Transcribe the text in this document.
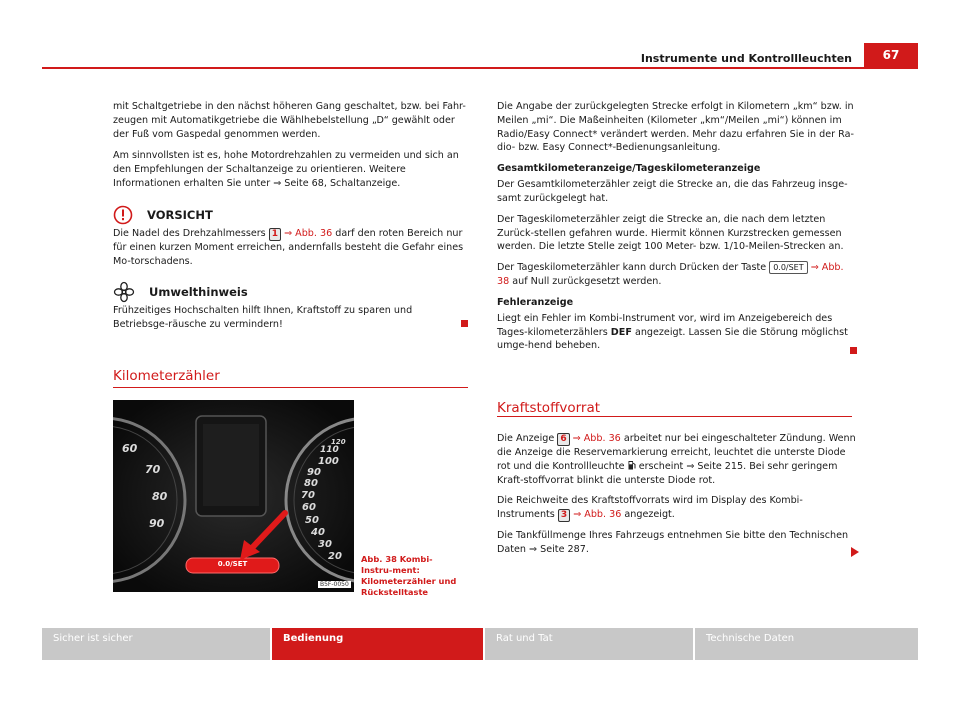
Instrumente und Kontrollleuchten	67

mit Schaltgetriebe in den nächst höheren Gang geschaltet, bzw. bei Fahr-zeugen mit Automatikgetriebe die Wählhebelstellung „D“ gewählt oder der Fuß vom Gaspedal genommen werden.

Am sinnvollsten ist es, hohe Motordrehzahlen zu vermeiden und sich an den Empfehlungen der Schaltanzeige zu orientieren. Weitere Informationen erhalten Sie unter ⇒ Seite 68, Schaltanzeige.

VORSICHT

Die Nadel des Drehzahlmessers 1 ⇒ Abb. 36 darf den roten Bereich nur für einen kurzen Moment erreichen, andernfalls besteht die Gefahr eines Mo-torschadens.

Umwelthinweis

Frühzeitiges Hochschalten hilft Ihnen, Kraftstoff zu sparen und Betriebsge-räusche zu vermindern!

Kilometerzähler
60
70
80
90
120
110
100
90
80
70
60
50
40
30
20
0.0/SET
B5F-0050
Abb. 38 Kombi-Instru-ment: Kilometerzähler und Rückstelltaste

Die Angabe der zurückgelegten Strecke erfolgt in Kilometern „km“ bzw. in Meilen „mi“. Die Maßeinheiten (Kilometer „km“/Meilen „mi“) können im Radio/Easy Connect* verändert werden. Mehr dazu erfahren Sie in der Ra-dio- bzw. Easy Connect*-Bedienungsanleitung.

Gesamtkilometeranzeige/Tageskilometeranzeige

Der Gesamtkilometerzähler zeigt die Strecke an, die das Fahrzeug insge-samt zurückgelegt hat.

Der Tageskilometerzähler zeigt die Strecke an, die nach dem letzten Zurück-stellen gefahren wurde. Hiermit können Kurzstrecken gemessen werden. Die letzte Stelle zeigt 100 Meter- bzw. 1/10-Meilen-Strecken an.

Der Tageskilometerzähler kann durch Drücken der Taste 0.0/SET ⇒ Abb. 38 auf Null zurückgesetzt werden.

Fehleranzeige

Liegt ein Fehler im Kombi-Instrument vor, wird im Anzeigebereich des Tages-kilometerzählers DEF angezeigt. Lassen Sie die Störung möglichst umge-hend beheben.

Kraftstoffvorrat

Die Anzeige 6 ⇒ Abb. 36 arbeitet nur bei eingeschalteter Zündung. Wenn die Anzeige die Reservemarkierung erreicht, leuchtet die unterste Diode rot und die Kontrollleuchte erscheint ⇒ Seite 215. Bei sehr geringem Kraft-stoffvorrat blinkt die unterste Diode rot.

Die Reichweite des Kraftstoffvorrats wird im Display des Kombi-Instruments 3 ⇒ Abb. 36 angezeigt.

Die Tankfüllmenge Ihres Fahrzeugs entnehmen Sie bitte den Technischen Daten ⇒ Seite 287.

Sicher ist sicher	Bedienung	Rat und Tat	Technische Daten
